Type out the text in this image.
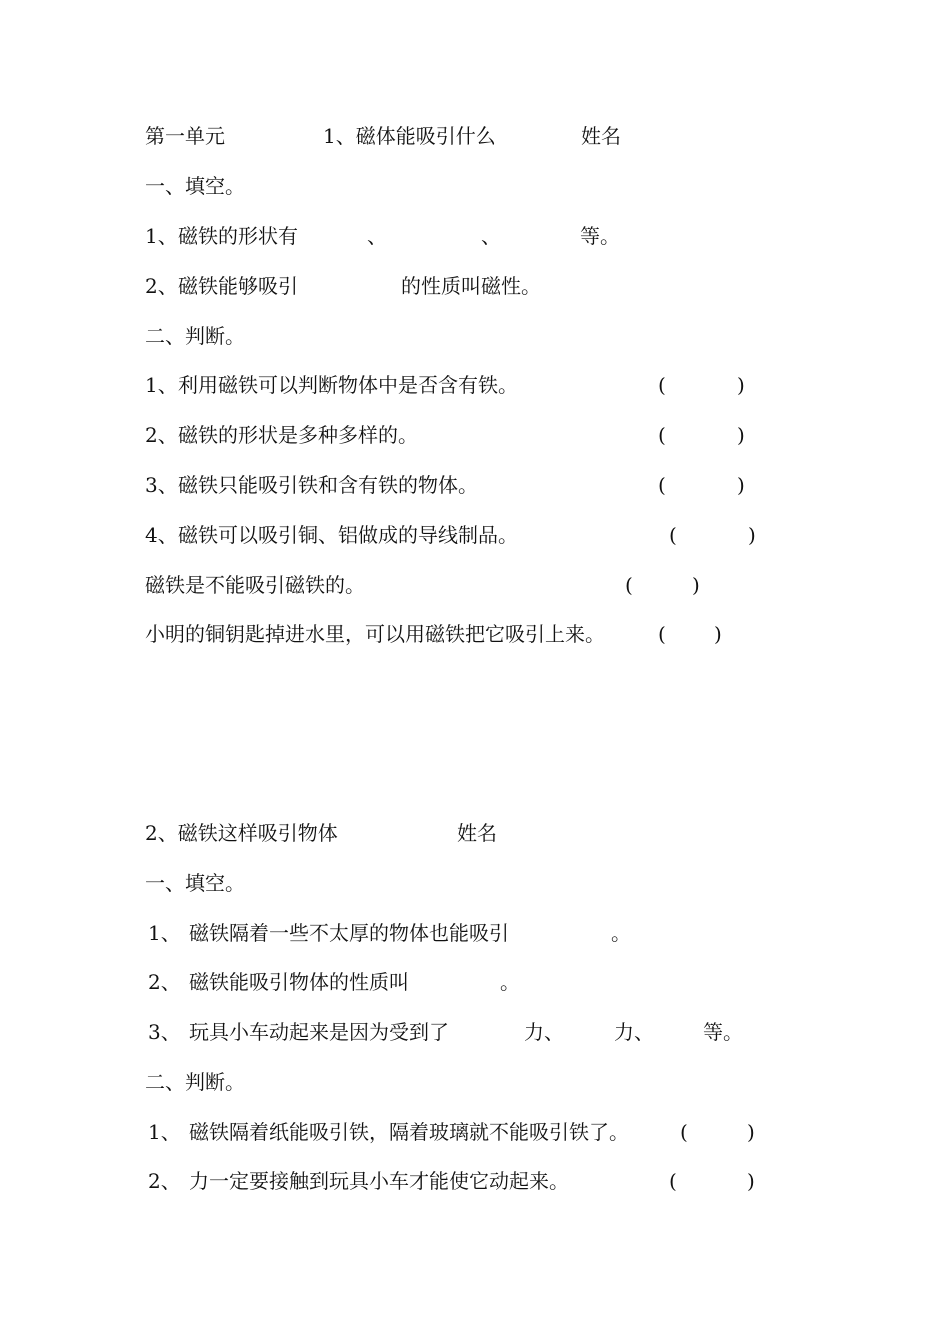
第一单元

	1、磁体能吸引什么

	姓名

一、填空。

1、

磁铁的形状有

	、

	、

	等。

2、

磁铁能够吸引

	的性质叫磁性。

二、判断。

1、

利用磁铁可以判断物体中是否含有铁。

	(

	)

2、

磁铁的形状是多种多样的。

	(

	)

3、

磁铁只能吸引铁和含有铁的物体。

	(

	)

4、

磁铁可以吸引铜、铝做成的导线制品。

	(

	)

磁铁是不能吸引磁铁的。

	(

	)

小明的铜钥匙掉进水里，可以用磁铁把它吸引上来。

	(

)

2、磁铁这样吸引物体

	姓名

一、填空。

1、

磁铁隔着一些不太厚的物体也能吸引

	。

2、

磁铁能吸引物体的性质叫

	。

3、

玩具小车动起来是因为受到了

	力、

	力、

等。

二、判断。

1、

磁铁隔着纸能吸引铁，隔着玻璃就不能吸引铁了。

	(

	)

2、

力一定要接触到玩具小车才能使它动起来。

	(

	)
